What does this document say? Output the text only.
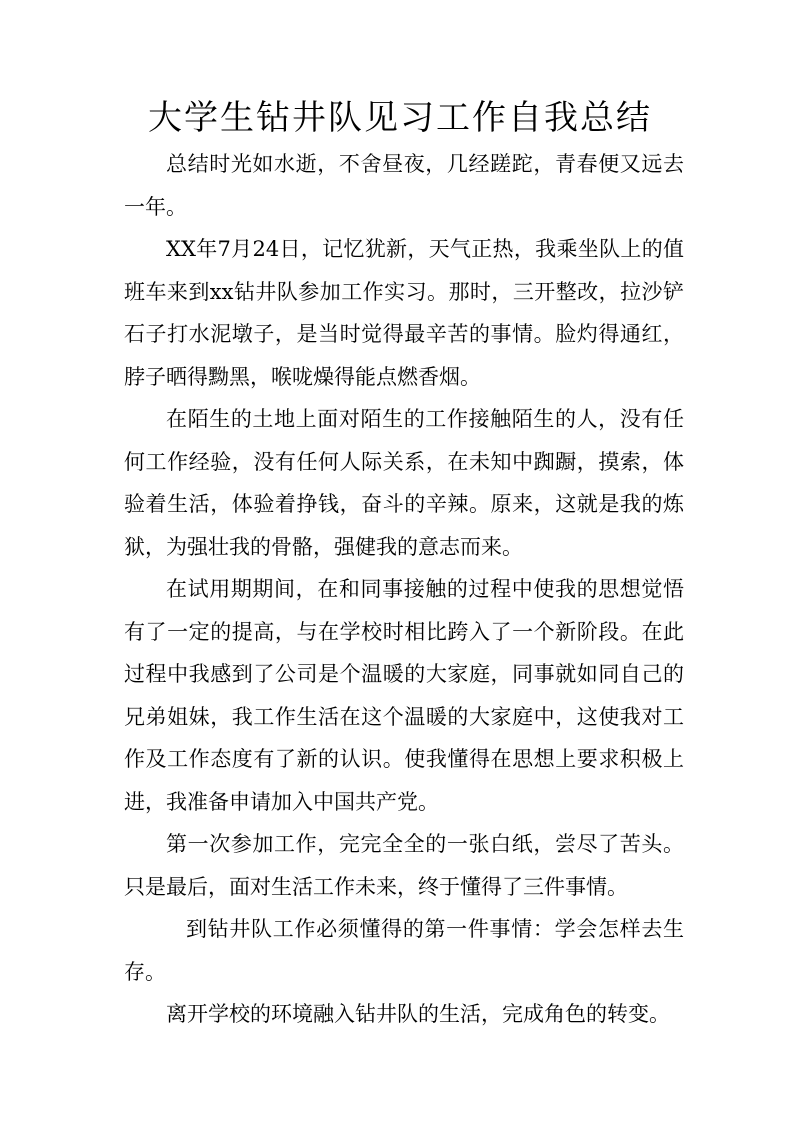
大学生钻井队见习工作自我总结

总结时光如水逝，不舍昼夜，几经蹉跎，青春便又远去一年。

XX年7月24日，记忆犹新，天气正热，我乘坐队上的值班车来到xx钻井队参加工作实习。那时，三开整改，拉沙铲石子打水泥墩子，是当时觉得最辛苦的事情。脸灼得通红，脖子晒得黝黑，喉咙燥得能点燃香烟。

在陌生的土地上面对陌生的工作接触陌生的人，没有任何工作经验，没有任何人际关系，在未知中踟蹰，摸索，体验着生活，体验着挣钱，奋斗的辛辣。原来，这就是我的炼狱，为强壮我的骨骼，强健我的意志而来。

在试用期期间，在和同事接触的过程中使我的思想觉悟有了一定的提高，与在学校时相比跨入了一个新阶段。在此过程中我感到了公司是个温暖的大家庭，同事就如同自己的兄弟姐妹，我工作生活在这个温暖的大家庭中，这使我对工作及工作态度有了新的认识。使我懂得在思想上要求积极上进，我准备申请加入中国共产党。

第一次参加工作，完完全全的一张白纸，尝尽了苦头。只是最后，面对生活工作未来，终于懂得了三件事情。

到钻井队工作必须懂得的第一件事情：学会怎样去生存。

离开学校的环境融入钻井队的生活，完成角色的转变。
